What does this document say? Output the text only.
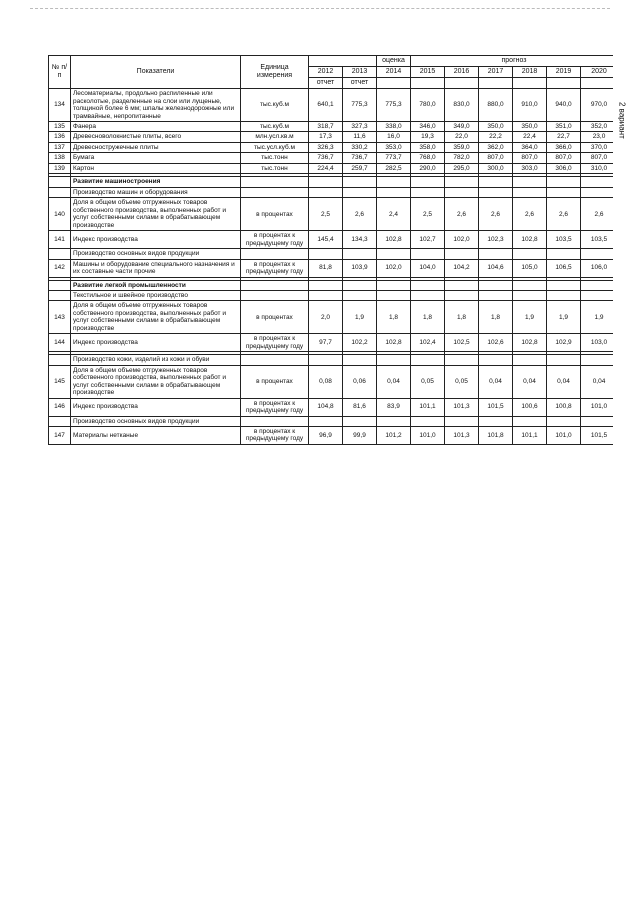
2 вариант
№ п/п	Показатели	Единица измерения			оценка	прогноз					
			2012	2013	2014	2015	2016	2017	2018	2019	2020
			отчет	отчет							
134	Лесоматериалы, продольно распиленные или расколотые, разделенные на слои или лущеные, толщиной более 6 мм; шпалы железнодорожные или трамвайные, непропитанные	тыс.куб.м	640,1	775,3	775,3	780,0	830,0	880,0	910,0	940,0	970,0
135	Фанера	тыс.куб.м	318,7	327,3	338,0	346,0	349,0	350,0	350,0	351,0	352,0
136	Древесноволокнистые плиты, всего	млн.усл.кв.м	17,3	11,6	16,0	19,3	22,0	22,2	22,4	22,7	23,0
137	Древесностружечные плиты	тыс.усл.куб.м	326,3	330,2	353,0	358,0	359,0	362,0	364,0	366,0	370,0
138	Бумага	тыс.тонн	736,7	736,7	773,7	768,0	782,0	807,0	807,0	807,0	807,0
139	Картон	тыс.тонн	224,4	259,7	282,5	290,0	295,0	300,0	303,0	306,0	310,0

	Развитие машиностроения										
	Производство машин и оборудования										
140	Доля в общем объеме отгруженных товаров собственного производства, выполненных работ и услуг собственными силами в обрабатывающем производстве	в процентах	2,5	2,6	2,4	2,5	2,6	2,6	2,6	2,6	2,6
141	Индекс производства	в процентах к предыдущему году	145,4	134,3	102,8	102,7	102,0	102,3	102,8	103,5	103,5
	Производство основных видов продукции										
142	Машины и оборудование специального назначения и их составные части прочие	в процентах к предыдущему году	81,8	103,9	102,0	104,0	104,2	104,6	105,0	106,5	106,0

	Развитие легкой промышленности										
	Текстильное и швейное производство										
143	Доля в общем объеме отгруженных товаров собственного производства, выполненных работ и услуг собственными силами в обрабатывающем производстве	в процентах	2,0	1,9	1,8	1,8	1,8	1,8	1,9	1,9	1,9
144	Индекс производства	в процентах к предыдущему году	97,7	102,2	102,8	102,4	102,5	102,6	102,8	102,9	103,0

	Производство кожи, изделий из кожи и обуви										
145	Доля в общем объеме отгруженных товаров собственного производства, выполненных работ и услуг собственными силами в обрабатывающем производстве	в процентах	0,08	0,06	0,04	0,05	0,05	0,04	0,04	0,04	0,04
146	Индекс производства	в процентах к предыдущему году	104,8	81,6	83,9	101,1	101,3	101,5	100,6	100,8	101,0
	Производство основных видов продукции										
147	Материалы нетканые	в процентах к предыдущему году	96,9	99,9	101,2	101,0	101,3	101,8	101,1	101,0	101,5
